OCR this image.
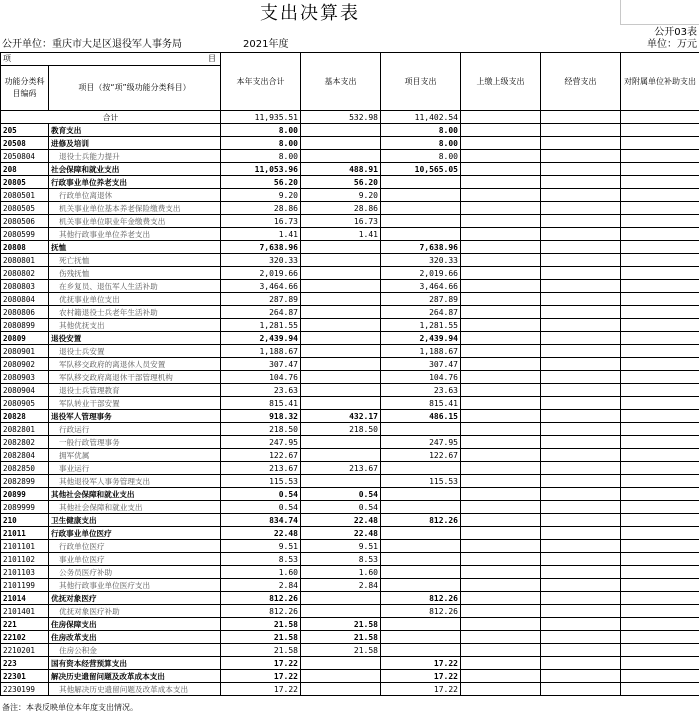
支出决算表
公开03表
公开单位：重庆市大足区退役军人事务局	2021年度	单位：万元
项 目		本年支出合计	基本支出	项目支出	上缴上级支出	经营支出	对附属单位补助支出
功能分类科目编码	项目（按“项”级功能分类科目）						
合计		11,935.51	532.98	11,402.54			
205	教育支出	8.00		8.00			
20508	进修及培训	8.00		8.00			
2050804	退役士兵能力提升	8.00		8.00			
208	社会保障和就业支出	11,053.96	488.91	10,565.05			
20805	行政事业单位养老支出	56.20	56.20				
2080501	行政单位离退休	9.20	9.20				
2080505	机关事业单位基本养老保险缴费支出	28.86	28.86				
2080506	机关事业单位职业年金缴费支出	16.73	16.73				
2080599	其他行政事业单位养老支出	1.41	1.41				
20808	抚恤	7,638.96		7,638.96			
2080801	死亡抚恤	320.33		320.33			
2080802	伤残抚恤	2,019.66		2,019.66			
2080803	在乡复员、退伍军人生活补助	3,464.66		3,464.66			
2080804	优抚事业单位支出	287.89		287.89			
2080806	农村籍退役士兵老年生活补助	264.87		264.87			
2080899	其他优抚支出	1,281.55		1,281.55			
20809	退役安置	2,439.94		2,439.94			
2080901	退役士兵安置	1,188.67		1,188.67			
2080902	军队移交政府的离退休人员安置	307.47		307.47			
2080903	军队移交政府离退休干部管理机构	104.76		104.76			
2080904	退役士兵管理教育	23.63		23.63			
2080905	军队转业干部安置	815.41		815.41			
20828	退役军人管理事务	918.32	432.17	486.15			
2082801	行政运行	218.50	218.50				
2082802	一般行政管理事务	247.95		247.95			
2082804	拥军优属	122.67		122.67			
2082850	事业运行	213.67	213.67				
2082899	其他退役军人事务管理支出	115.53		115.53			
20899	其他社会保障和就业支出	0.54	0.54				
2089999	其他社会保障和就业支出	0.54	0.54				
210	卫生健康支出	834.74	22.48	812.26			
21011	行政事业单位医疗	22.48	22.48				
2101101	行政单位医疗	9.51	9.51				
2101102	事业单位医疗	8.53	8.53				
2101103	公务员医疗补助	1.60	1.60				
2101199	其他行政事业单位医疗支出	2.84	2.84				
21014	优抚对象医疗	812.26		812.26			
2101401	优抚对象医疗补助	812.26		812.26			
221	住房保障支出	21.58	21.58				
22102	住房改革支出	21.58	21.58				
2210201	住房公积金	21.58	21.58				
223	国有资本经营预算支出	17.22		17.22			
22301	解决历史遗留问题及改革成本支出	17.22		17.22			
2230199	其他解决历史遗留问题及改革成本支出	17.22		17.22			
备注：本表反映单位本年度支出情况。
